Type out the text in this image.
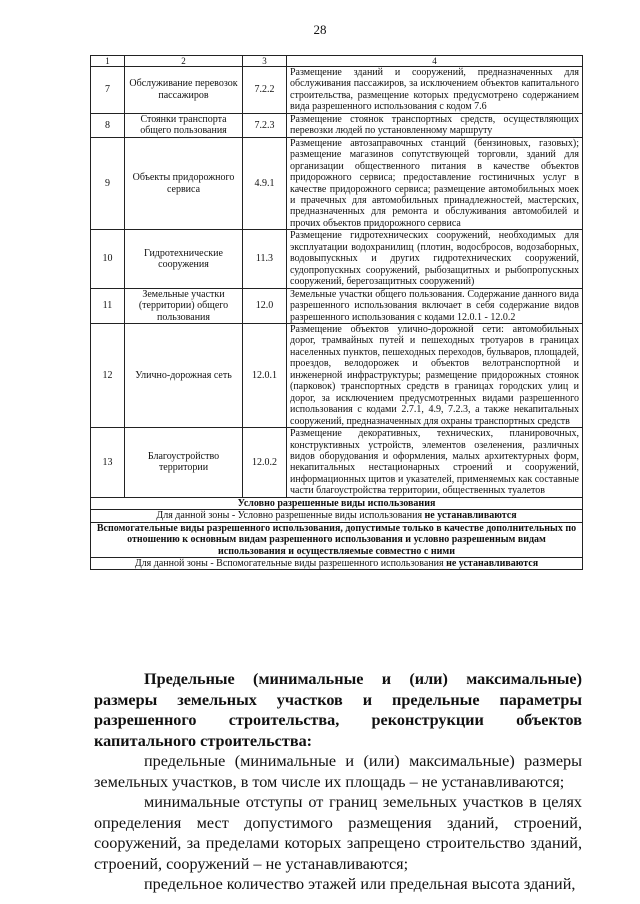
28
1	2	3	4
7	Обслуживание перевозок пассажиров	7.2.2	Размещение зданий и сооружений, предназначенных для обслуживания пассажиров, за исключением объектов капитального строительства, размещение которых предусмотрено содержанием вида разрешенного использования с кодом 7.6
8	Стоянки транспорта общего пользования	7.2.3	Размещение стоянок транспортных средств, осуществляющих перевозки людей по установленному маршруту
9	Объекты придорожного сервиса	4.9.1	Размещение автозаправочных станций (бензиновых, газовых); размещение магазинов сопутствующей торговли, зданий для организации общественного питания в качестве объектов придорожного сервиса; предоставление гостиничных услуг в качестве придорожного сервиса; размещение автомобильных моек и прачечных для автомобильных принадлежностей, мастерских, предназначенных для ремонта и обслуживания автомобилей и прочих объектов придорожного сервиса
10	Гидротехнические сооружения	11.3	Размещение гидротехнических сооружений, необходимых для эксплуатации водохранилищ (плотин, водосбросов, водозаборных, водовыпускных и других гидротехнических сооружений, судопропускных сооружений, рыбозащитных и рыбопропускных сооружений, берегозащитных сооружений)
11	Земельные участки (территории) общего пользования	12.0	Земельные участки общего пользования. Содержание данного вида разрешенного использования включает в себя содержание видов разрешенного использования с кодами 12.0.1 - 12.0.2
12	Улично-дорожная сеть	12.0.1	Размещение объектов улично-дорожной сети: автомобильных дорог, трамвайных путей и пешеходных тротуаров в границах населенных пунктов, пешеходных переходов, бульваров, площадей, проездов, велодорожек и объектов велотранспортной и инженерной инфраструктуры; размещение придорожных стоянок (парковок) транспортных средств в границах городских улиц и дорог, за исключением предусмотренных видами разрешенного использования с кодами 2.7.1, 4.9, 7.2.3, а также некапитальных сооружений, предназначенных для охраны транспортных средств
13	Благоустройство территории	12.0.2	Размещение декоративных, технических, планировочных, конструктивных устройств, элементов озеленения, различных видов оборудования и оформления, малых архитектурных форм, некапитальных нестационарных строений и сооружений, информационных щитов и указателей, применяемых как составные части благоустройства территории, общественных туалетов
Условно разрешенные виды использования			
Для данной зоны - Условно разрешенные виды использования не устанавливаются			
Вспомогательные виды разрешенного использования, допустимые только в качестве дополнительных по отношению к основным видам разрешенного использования и условно разрешенным видам использования и осуществляемые совместно с ними			
Для данной зоны - Вспомогательные виды разрешенного использования не устанавливаются			

Предельные (минимальные и (или) максимальные) размеры земельных участков и предельные параметры разрешенного строительства, реконструкции объектов капитального строительства:

предельные (минимальные и (или) максимальные) размеры земельных участков, в том числе их площадь – не устанавливаются;

минимальные отступы от границ земельных участков в целях определения мест допустимого размещения зданий, строений, сооружений, за пределами которых запрещено строительство зданий, строений, сооружений – не устанавливаются;

предельное количество этажей или предельная высота зданий,
